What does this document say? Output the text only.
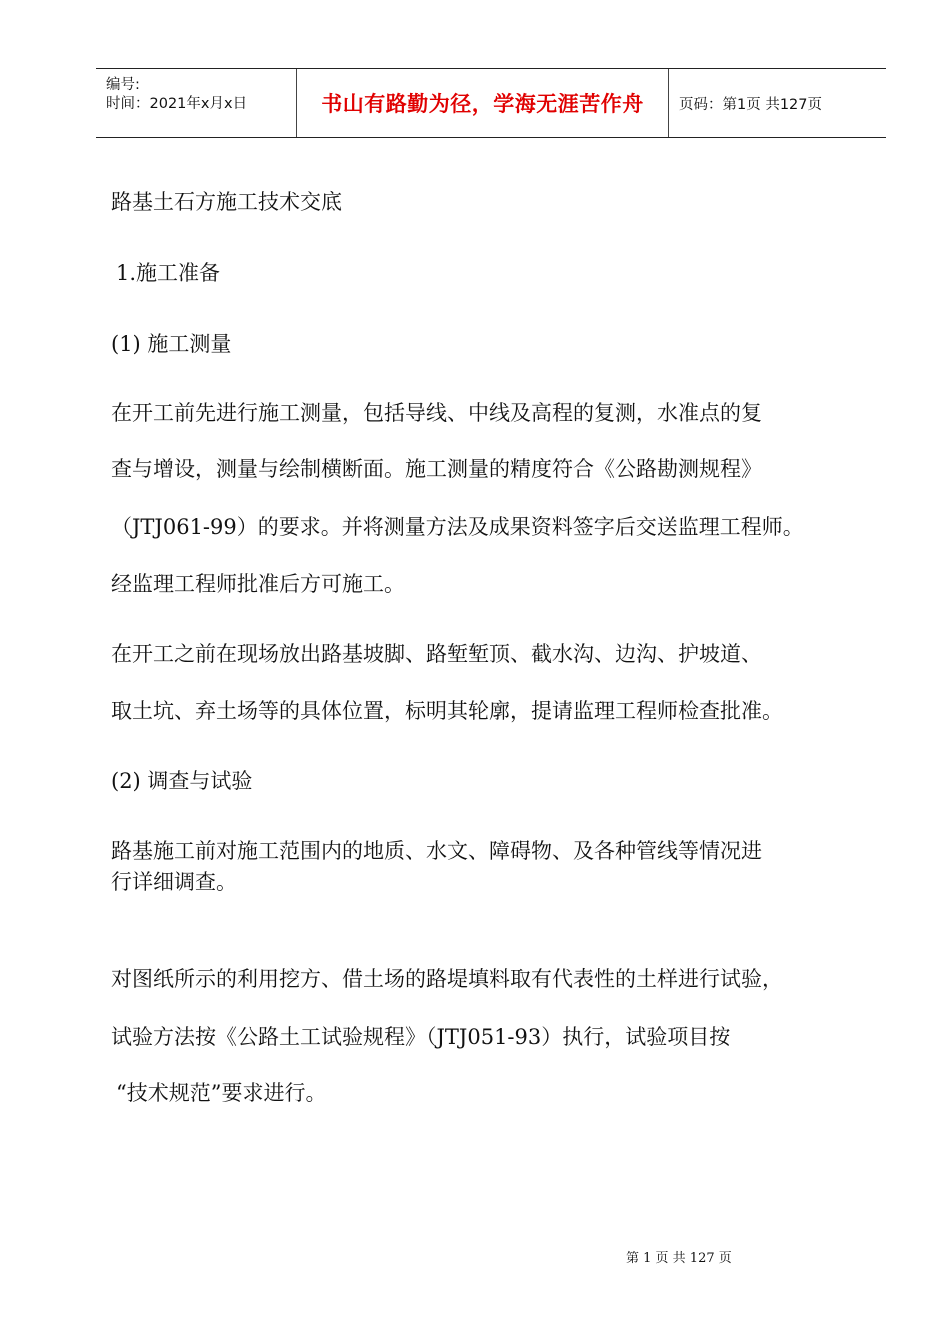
编号:
时间：2021年x月x日	书山有路勤为径，学海无涯苦作舟 页码：第1页 共127页
路基土石方施工技术交底
1.施工准备
(1) 施工测量
在开工前先进行施工测量，包括导线、中线及高程的复测，水准点的复
查与增设，测量与绘制横断面。施工测量的精度符合《公路勘测规程》
（JTJ061-99）的要求。并将测量方法及成果资料签字后交送监理工程师。
经监理工程师批准后方可施工。
在开工之前在现场放出路基坡脚、路堑堑顶、截水沟、边沟、护坡道、
取土坑、弃土场等的具体位置，标明其轮廓，提请监理工程师检查批准。
(2) 调查与试验
路基施工前对施工范围内的地质、水文、障碍物、及各种管线等情况进
行详细调查。
对图纸所示的利用挖方、借土场的路堤填料取有代表性的土样进行试验，
试验方法按《公路土工试验规程》（JTJ051-93）执行，试验项目按
“技术规范”要求进行。
第 1 页 共 127 页
